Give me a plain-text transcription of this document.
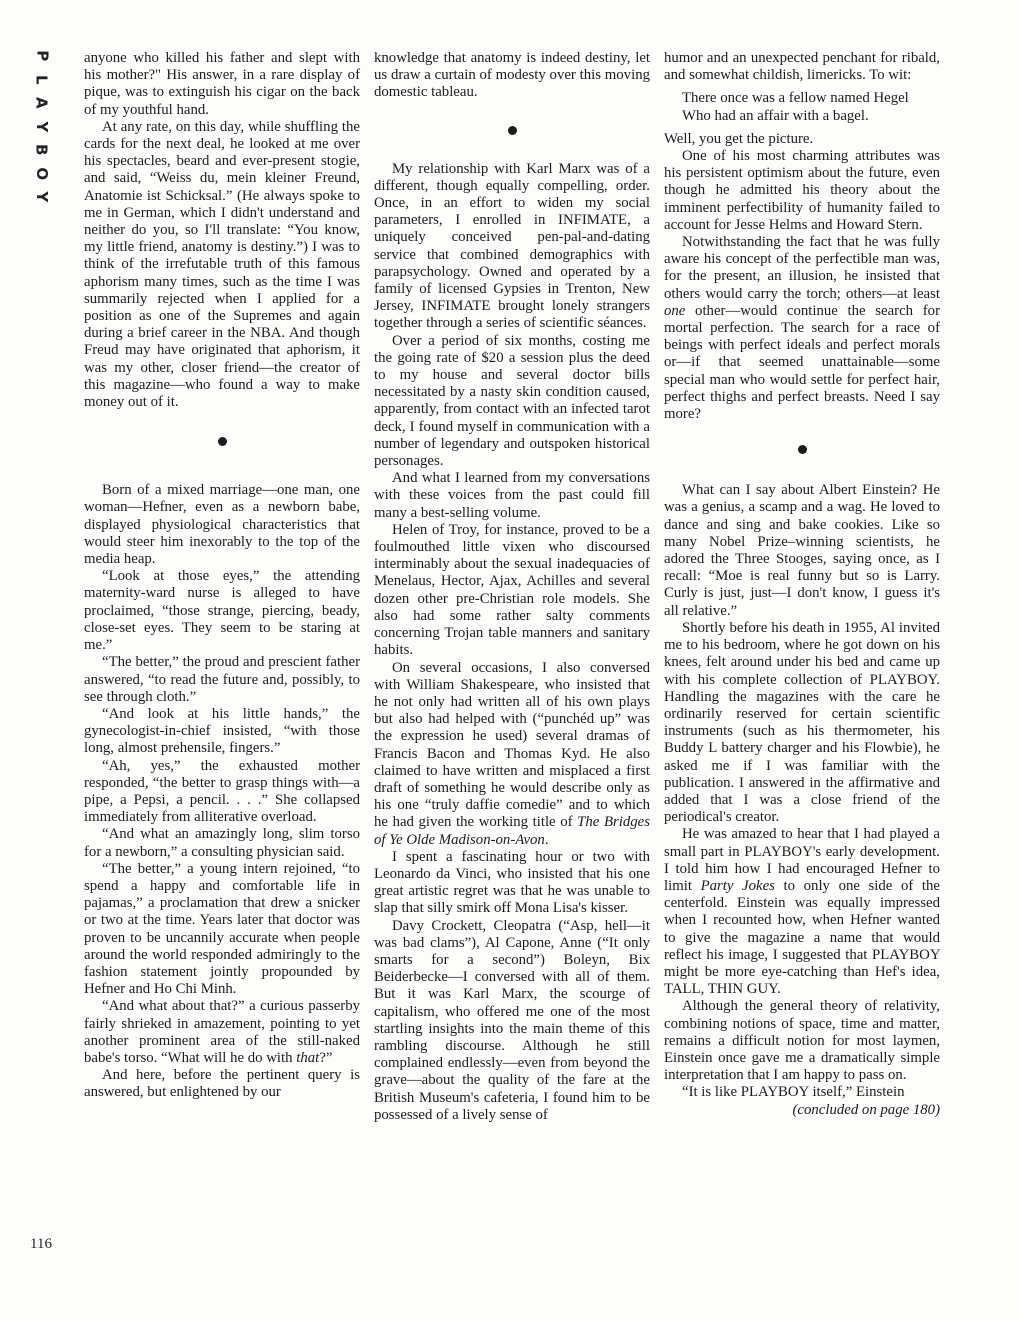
P
L
A
Y
B
O
Y
116

anyone who killed his father and slept with his mother?" His answer, in a rare display of pique, was to extinguish his cigar on the back of my youthful hand.

At any rate, on this day, while shuffling the cards for the next deal, he looked at me over his spectacles, beard and ever-present stogie, and said, “Weiss du, mein kleiner Freund, Anatomie ist Schicksal.” (He always spoke to me in German, which I didn't understand and neither do you, so I'll translate: “You know, my little friend, anatomy is destiny.”) I was to think of the irrefutable truth of this famous aphorism many times, such as the time I was summarily rejected when I applied for a position as one of the Supremes and again during a brief career in the NBA. And though Freud may have originated that aphorism, it was my other, closer friend—the creator of this magazine—who found a way to make money out of it.

Born of a mixed marriage—one man, one woman—Hefner, even as a newborn babe, displayed physiological characteristics that would steer him inexorably to the top of the media heap.

“Look at those eyes,” the attending maternity-ward nurse is alleged to have proclaimed, “those strange, piercing, beady, close-set eyes. They seem to be staring at me.”

“The better,” the proud and prescient father answered, “to read the future and, possibly, to see through cloth.”

“And look at his little hands,” the gynecologist-in-chief insisted, “with those long, almost prehensile, fingers.”

“Ah, yes,” the exhausted mother responded, “the better to grasp things with—a pipe, a Pepsi, a pencil. . . .” She collapsed immediately from alliterative overload.

“And what an amazingly long, slim torso for a newborn,” a consulting physician said.

“The better,” a young intern rejoined, “to spend a happy and comfortable life in pajamas,” a proclamation that drew a snicker or two at the time. Years later that doctor was proven to be uncannily accurate when people around the world responded admiringly to the fashion statement jointly propounded by Hefner and Ho Chi Minh.

“And what about that?” a curious passerby fairly shrieked in amazement, pointing to yet another prominent area of the still-naked babe's torso. “What will he do with that?”

And here, before the pertinent query is answered, but enlightened by our

knowledge that anatomy is indeed destiny, let us draw a curtain of modesty over this moving domestic tableau.

My relationship with Karl Marx was of a different, though equally compelling, order. Once, in an effort to widen my social parameters, I enrolled in INFIMATE, a uniquely conceived pen-pal-and-dating service that combined demographics with parapsychology. Owned and operated by a family of licensed Gypsies in Trenton, New Jersey, INFIMATE brought lonely strangers together through a series of scientific séances.

Over a period of six months, costing me the going rate of $20 a session plus the deed to my house and several doctor bills necessitated by a nasty skin condition caused, apparently, from contact with an infected tarot deck, I found myself in communication with a number of legendary and outspoken historical personages.

And what I learned from my conversations with these voices from the past could fill many a best-selling volume.

Helen of Troy, for instance, proved to be a foulmouthed little vixen who discoursed interminably about the sexual inadequacies of Menelaus, Hector, Ajax, Achilles and several dozen other pre-Christian role models. She also had some rather salty comments concerning Trojan table manners and sanitary habits.

On several occasions, I also conversed with William Shakespeare, who insisted that he not only had written all of his own plays but also had helped with (“punchéd up” was the expression he used) several dramas of Francis Bacon and Thomas Kyd. He also claimed to have written and misplaced a first draft of something he would describe only as his one “truly daffie comedie” and to which he had given the working title of The Bridges of Ye Olde Madison-on-Avon.

I spent a fascinating hour or two with Leonardo da Vinci, who insisted that his one great artistic regret was that he was unable to slap that silly smirk off Mona Lisa's kisser.

Davy Crockett, Cleopatra (“Asp, hell—it was bad clams”), Al Capone, Anne (“It only smarts for a second”) Boleyn, Bix Beiderbecke—I conversed with all of them. But it was Karl Marx, the scourge of capitalism, who offered me one of the most startling insights into the main theme of this rambling discourse. Although he still complained endlessly—even from beyond the grave—about the quality of the fare at the British Museum's cafeteria, I found him to be possessed of a lively sense of

humor and an unexpected penchant for ribald, and somewhat childish, limericks. To wit:

There once was a fellow named Hegel

Who had an affair with a bagel.

Well, you get the picture.

One of his most charming attributes was his persistent optimism about the future, even though he admitted his theory about the imminent perfectibility of humanity failed to account for Jesse Helms and Howard Stern.

Notwithstanding the fact that he was fully aware his concept of the perfectible man was, for the present, an illusion, he insisted that others would carry the torch; others—at least one other—would continue the search for mortal perfection. The search for a race of beings with perfect ideals and perfect morals or—if that seemed unattainable—some special man who would settle for perfect hair, perfect thighs and perfect breasts. Need I say more?

What can I say about Albert Einstein? He was a genius, a scamp and a wag. He loved to dance and sing and bake cookies. Like so many Nobel Prize–winning scientists, he adored the Three Stooges, saying once, as I recall: “Moe is real funny but so is Larry. Curly is just, just—I don't know, I guess it's all relative.”

Shortly before his death in 1955, Al invited me to his bedroom, where he got down on his knees, felt around under his bed and came up with his complete collection of PLAYBOY. Handling the magazines with the care he ordinarily reserved for certain scientific instruments (such as his thermometer, his Buddy L battery charger and his Flowbie), he asked me if I was familiar with the publication. I answered in the affirmative and added that I was a close friend of the periodical's creator.

He was amazed to hear that I had played a small part in PLAYBOY's early development. I told him how I had encouraged Hefner to limit Party Jokes to only one side of the centerfold. Einstein was equally impressed when I recounted how, when Hefner wanted to give the magazine a name that would reflect his image, I suggested that PLAYBOY might be more eye-catching than Hef's idea, TALL, THIN GUY.

Although the general theory of relativity, combining notions of space, time and matter, remains a difficult notion for most laymen, Einstein once gave me a dramatically simple interpretation that I am happy to pass on.

“It is like PLAYBOY itself,” Einstein

(concluded on page 180)
